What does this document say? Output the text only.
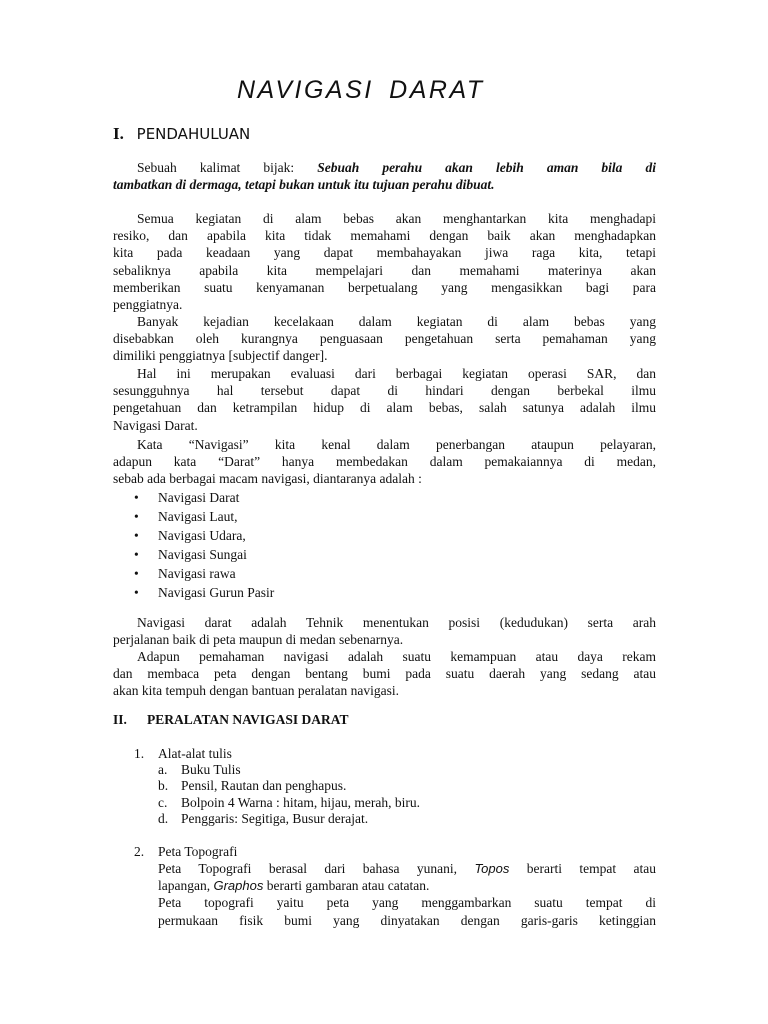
NAVIGASI DARAT
I. PENDAHULUAN
Sebuah kalimat bijak: Sebuah perahu akan lebih aman bila di
tambatkan di dermaga, tetapi bukan untuk itu tujuan perahu dibuat.
Semua kegiatan di alam bebas akan menghantarkan kita menghadapi
resiko, dan apabila kita tidak memahami dengan baik akan menghadapkan
kita pada keadaan yang dapat membahayakan jiwa raga kita, tetapi
sebaliknya apabila kita mempelajari dan memahami materinya akan
memberikan suatu kenyamanan berpetualang yang mengasikkan bagi para
penggiatnya.
Banyak kejadian kecelakaan dalam kegiatan di alam bebas yang
disebabkan oleh kurangnya penguasaan pengetahuan serta pemahaman yang
dimiliki penggiatnya [subjectif danger].
Hal ini merupakan evaluasi dari berbagai kegiatan operasi SAR, dan
sesungguhnya hal tersebut dapat di hindari dengan berbekal ilmu
pengetahuan dan ketrampilan hidup di alam bebas, salah satunya adalah ilmu
Navigasi Darat.
Kata “Navigasi” kita kenal dalam penerbangan ataupun pelayaran,
adapun kata “Darat” hanya membedakan dalam pemakaiannya di medan,
sebab ada berbagai macam navigasi, diantaranya adalah :
• Navigasi Darat
• Navigasi Laut,
• Navigasi Udara,
• Navigasi Sungai
• Navigasi rawa
• Navigasi Gurun Pasir
Navigasi darat adalah Tehnik menentukan posisi (kedudukan) serta arah
perjalanan baik di peta maupun di medan sebenarnya.
Adapun pemahaman navigasi adalah suatu kemampuan atau daya rekam
dan membaca peta dengan bentang bumi pada suatu daerah yang sedang atau
akan kita tempuh dengan bantuan peralatan navigasi.
II. PERALATAN NAVIGASI DARAT
1. Alat-alat tulis
a. Buku Tulis
b. Pensil, Rautan dan penghapus.
c. Bolpoin 4 Warna : hitam, hijau, merah, biru.
d. Penggaris: Segitiga, Busur derajat.
2. Peta Topografi
Peta Topografi berasal dari bahasa yunani, Topos berarti tempat atau
lapangan, Graphos berarti gambaran atau catatan.
Peta topografi yaitu peta yang menggambarkan suatu tempat di
permukaan fisik bumi yang dinyatakan dengan garis-garis ketinggian
